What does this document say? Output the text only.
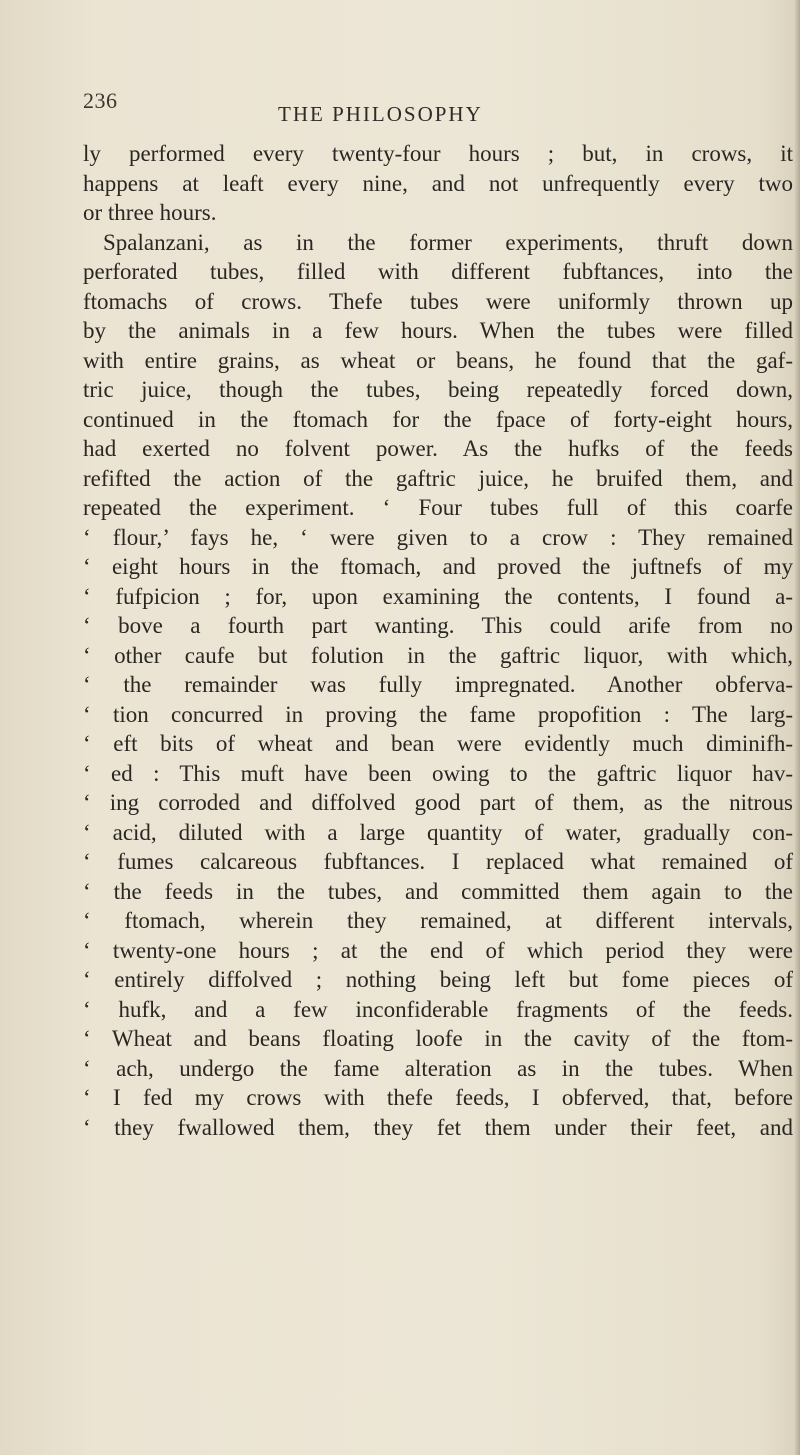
236
THE PHILOSOPHY
ly performed every twenty-four hours ; but, in crows, it
happens at leaft every nine, and not unfrequently every two
or three hours.
Spalanzani, as in the former experiments, thruft down
perforated tubes, filled with different fubftances, into the
ftomachs of crows. Thefe tubes were uniformly thrown up
by the animals in a few hours. When the tubes were filled
with entire grains, as wheat or beans, he found that the gaf-
tric juice, though the tubes, being repeatedly forced down,
continued in the ftomach for the fpace of forty-eight hours,
had exerted no folvent power. As the hufks of the feeds
refifted the action of the gaftric juice, he bruifed them, and
repeated the experiment. ‘ Four tubes full of this coarfe
‘ flour,’ fays he, ‘ were given to a crow : They remained
‘ eight hours in the ftomach, and proved the juftnefs of my
‘ fufpicion ; for, upon examining the contents, I found a-
‘ bove a fourth part wanting. This could arife from no
‘ other caufe but folution in the gaftric liquor, with which,
‘ the remainder was fully impregnated. Another obferva-
‘ tion concurred in proving the fame propofition : The larg-
‘ eft bits of wheat and bean were evidently much diminifh-
‘ ed : This muft have been owing to the gaftric liquor hav-
‘ ing corroded and diffolved good part of them, as the nitrous
‘ acid, diluted with a large quantity of water, gradually con-
‘ fumes calcareous fubftances. I replaced what remained of
‘ the feeds in the tubes, and committed them again to the
‘ ftomach, wherein they remained, at different intervals,
‘ twenty-one hours ; at the end of which period they were
‘ entirely diffolved ; nothing being left but fome pieces of
‘ hufk, and a few inconfiderable fragments of the feeds.
‘ Wheat and beans floating loofe in the cavity of the ftom-
‘ ach, undergo the fame alteration as in the tubes. When
‘ I fed my crows with thefe feeds, I obferved, that, before
‘ they fwallowed them, they fet them under their feet, and
